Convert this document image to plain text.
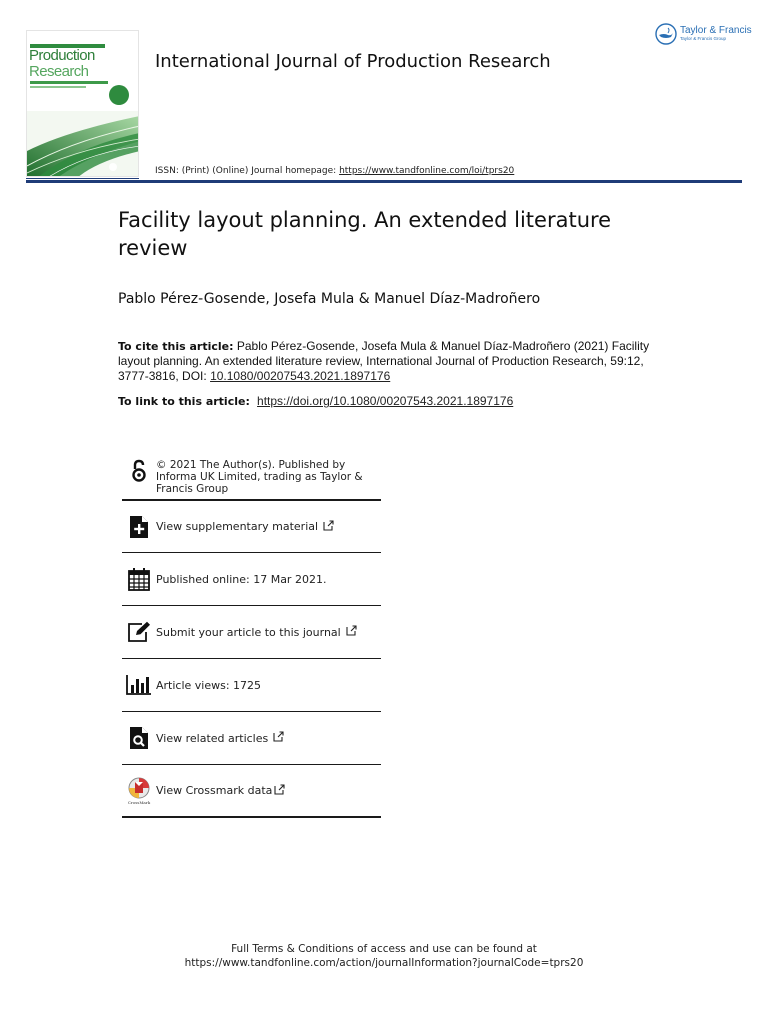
Production
Research	International Journal of Production Research
Taylor & Francis
Taylor & Francis Group
ISSN: (Print) (Online) Journal homepage: https://www.tandfonline.com/loi/tprs20
Facility layout planning. An extended literature review
Pablo Pérez-Gosende, Josefa Mula & Manuel Díaz-Madroñero
To cite this article: Pablo Pérez-Gosende, Josefa Mula & Manuel Díaz-Madroñero (2021) Facility layout planning. An extended literature review, International Journal of Production Research, 59:12, 3777-3816, DOI: 10.1080/00207543.2021.1897176
To link to this article:  https://doi.org/10.1080/00207543.2021.1897176
© 2021 The Author(s). Published by Informa UK Limited, trading as Taylor & Francis Group
View supplementary material
Published online: 17 Mar 2021.
Submit your article to this journal
Article views: 1725
View related articles
CrossMark
View Crossmark data
Full Terms & Conditions of access and use can be found at
https://www.tandfonline.com/action/journalInformation?journalCode=tprs20
